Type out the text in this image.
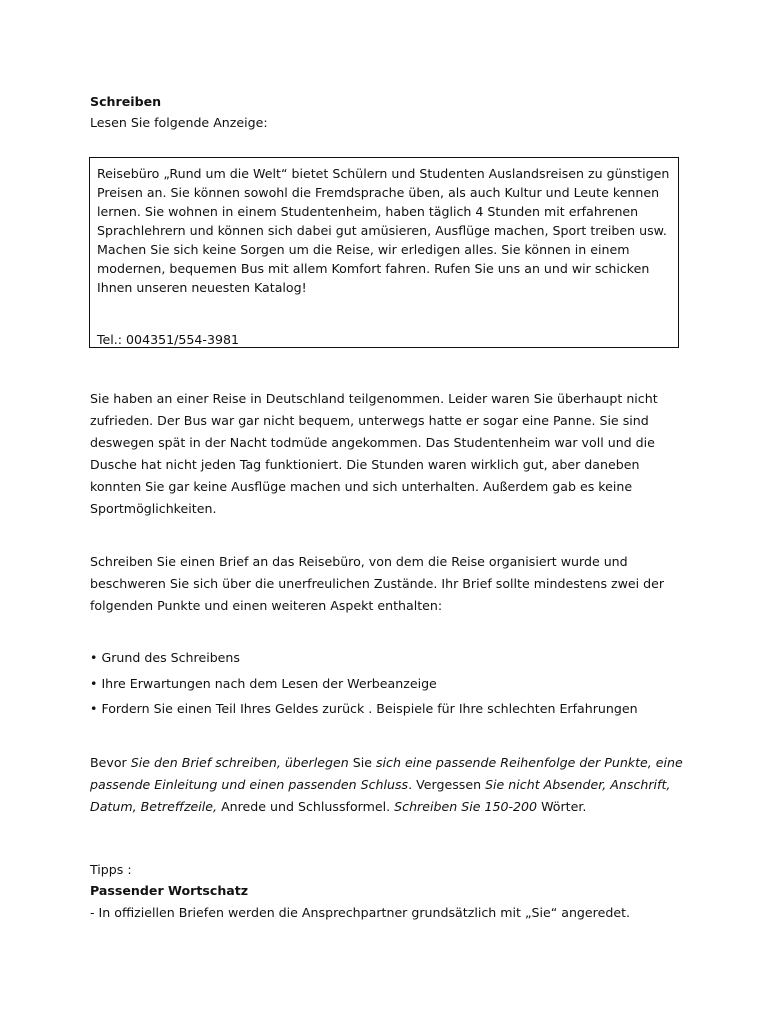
Schreiben

Lesen Sie folgende Anzeige:

Reisebüro „Rund um die Welt“ bietet Schülern und Studenten Auslandsreisen zu günstigen Preisen an. Sie können sowohl die Fremdsprache üben, als auch Kultur und Leute kennen lernen. Sie wohnen in einem Studentenheim, haben täglich 4 Stunden mit erfahrenen Sprachlehrern und können sich dabei gut amüsieren, Ausflüge machen, Sport treiben usw. Machen Sie sich keine Sorgen um die Reise, wir erledigen alles. Sie können in einem modernen, bequemen Bus mit allem Komfort fahren. Rufen Sie uns an und wir schicken Ihnen unseren neuesten Katalog!

Tel.: 004351/554-3981

Sie haben an einer Reise in Deutschland teilgenommen. Leider waren Sie überhaupt nicht zufrieden. Der Bus war gar nicht bequem, unterwegs hatte er sogar eine Panne. Sie sind deswegen spät in der Nacht todmüde angekommen. Das Studentenheim war voll und die Dusche hat nicht jeden Tag funktioniert. Die Stunden waren wirklich gut, aber daneben konnten Sie gar keine Ausflüge machen und sich unterhalten. Außerdem gab es keine Sportmöglichkeiten.

Schreiben Sie einen Brief an das Reisebüro, von dem die Reise organisiert wurde und beschweren Sie sich über die unerfreulichen Zustände. Ihr Brief sollte mindestens zwei der folgenden Punkte und einen weiteren Aspekt enthalten:

• Grund des Schreibens
• Ihre Erwartungen nach dem Lesen der Werbeanzeige
• Fordern Sie einen Teil Ihres Geldes zurück . Beispiele für Ihre schlechten Erfahrungen

Bevor Sie den Brief schreiben, überlegen Sie sich eine passende Reihenfolge der Punkte, eine passende Einleitung und einen passenden Schluss. Vergessen Sie nicht Absender, Anschrift, Datum, Betreffzeile, Anrede und Schlussformel. Schreiben Sie 150-200 Wörter.

Tipps :

Passender Wortschatz

- In offiziellen Briefen werden die Ansprechpartner grundsätzlich mit „Sie“ angeredet.
